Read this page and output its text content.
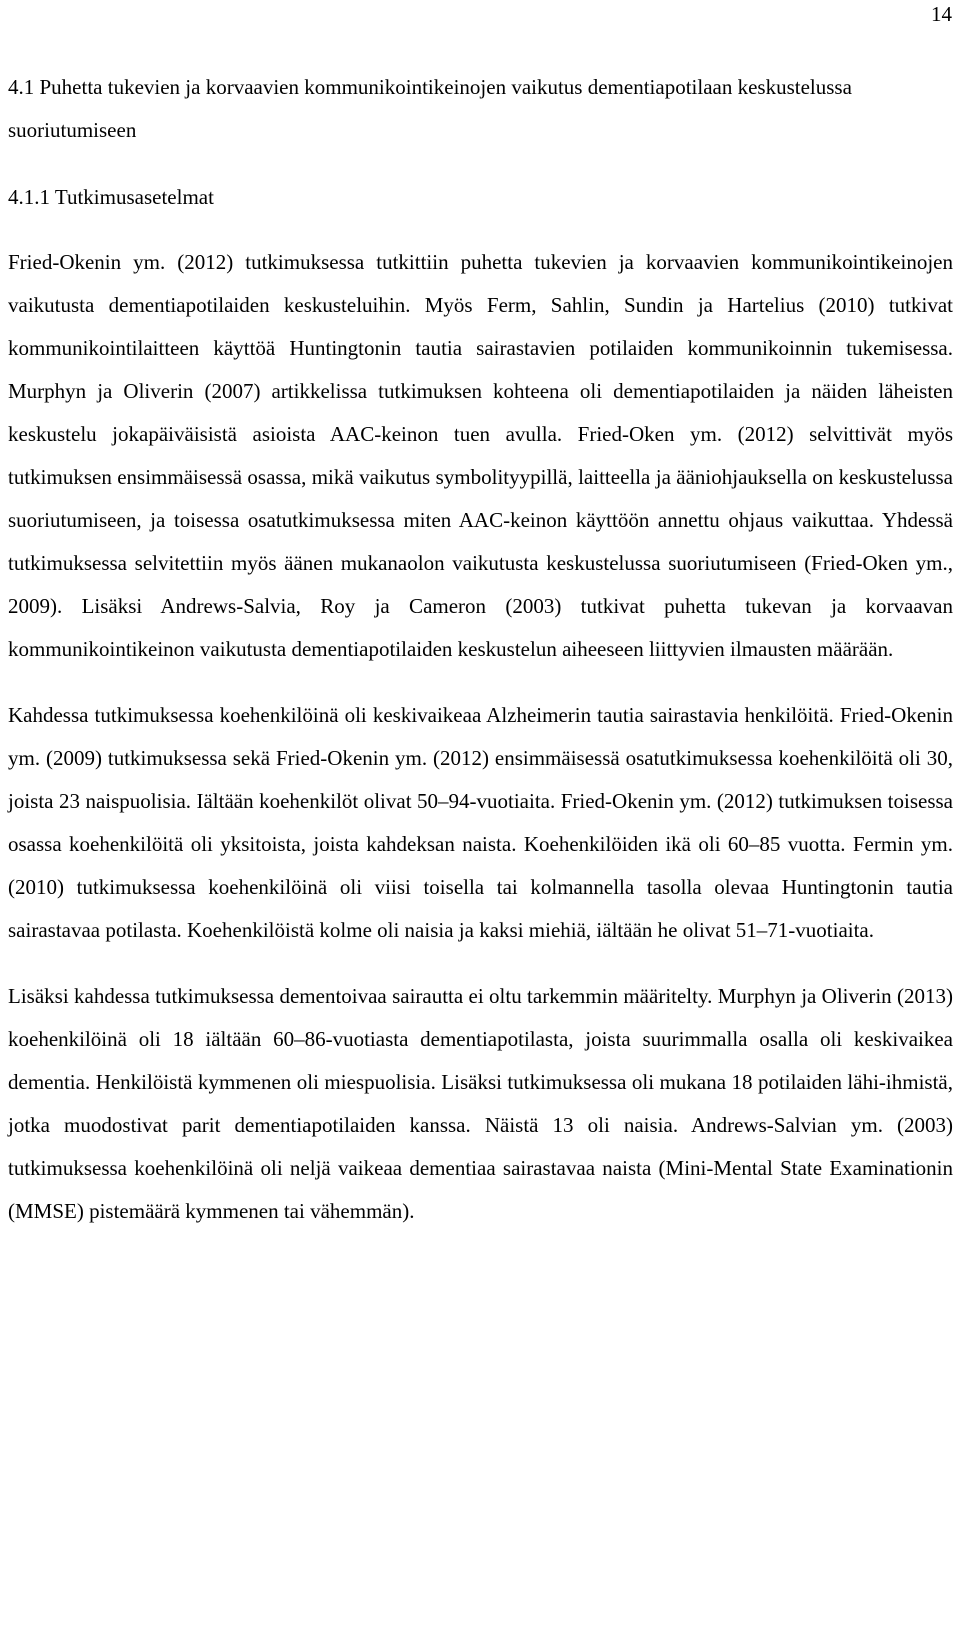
14
4.1 Puhetta tukevien ja korvaavien kommunikointikeinojen vaikutus dementiapotilaan keskustelussa suoriutumiseen
4.1.1 Tutkimusasetelmat

Fried-Okenin ym. (2012) tutkimuksessa tutkittiin puhetta tukevien ja korvaavien kommunikointikeinojen vaikutusta dementiapotilaiden keskusteluihin. Myös Ferm, Sahlin, Sundin ja Hartelius (2010) tutkivat kommunikointilaitteen käyttöä Huntingtonin tautia sairastavien potilaiden kommunikoinnin tukemisessa. Murphyn ja Oliverin (2007) artikkelissa tutkimuksen kohteena oli dementiapotilaiden ja näiden läheisten keskustelu jokapäiväisistä asioista AAC-keinon tuen avulla. Fried-Oken ym. (2012) selvittivät myös tutkimuksen ensimmäisessä osassa, mikä vaikutus symbolityypillä, laitteella ja ääniohjauksella on keskustelussa suoriutumiseen, ja toisessa osatutkimuksessa miten AAC-keinon käyttöön annettu ohjaus vaikuttaa. Yhdessä tutkimuksessa selvitettiin myös äänen mukanaolon vaikutusta keskustelussa suoriutumiseen (Fried-Oken ym., 2009). Lisäksi Andrews-Salvia, Roy ja Cameron (2003) tutkivat puhetta tukevan ja korvaavan kommunikointikeinon vaikutusta dementiapotilaiden keskustelun aiheeseen liittyvien ilmausten määrään.

Kahdessa tutkimuksessa koehenkilöinä oli keskivaikeaa Alzheimerin tautia sairastavia henkilöitä. Fried-Okenin ym. (2009) tutkimuksessa sekä Fried-Okenin ym. (2012) ensimmäisessä osatutkimuksessa koehenkilöitä oli 30, joista 23 naispuolisia. Iältään koehenkilöt olivat 50–94-vuotiaita. Fried-Okenin ym. (2012) tutkimuksen toisessa osassa koehenkilöitä oli yksitoista, joista kahdeksan naista. Koehenkilöiden ikä oli 60–85 vuotta. Fermin ym. (2010) tutkimuksessa koehenkilöinä oli viisi toisella tai kolmannella tasolla olevaa Huntingtonin tautia sairastavaa potilasta. Koehenkilöistä kolme oli naisia ja kaksi miehiä, iältään he olivat 51–71-vuotiaita.

Lisäksi kahdessa tutkimuksessa dementoivaa sairautta ei oltu tarkemmin määritelty. Murphyn ja Oliverin (2013) koehenkilöinä oli 18 iältään 60–86-vuotiasta dementiapotilasta, joista suurimmalla osalla oli keskivaikea dementia. Henkilöistä kymmenen oli miespuolisia. Lisäksi tutkimuksessa oli mukana 18 potilaiden lähi-ihmistä, jotka muodostivat parit dementiapotilaiden kanssa. Näistä 13 oli naisia. Andrews-Salvian ym. (2003) tutkimuksessa koehenkilöinä oli neljä vaikeaa dementiaa sairastavaa naista (Mini-Mental State Examinationin (MMSE) pistemäärä kymmenen tai vähemmän).
